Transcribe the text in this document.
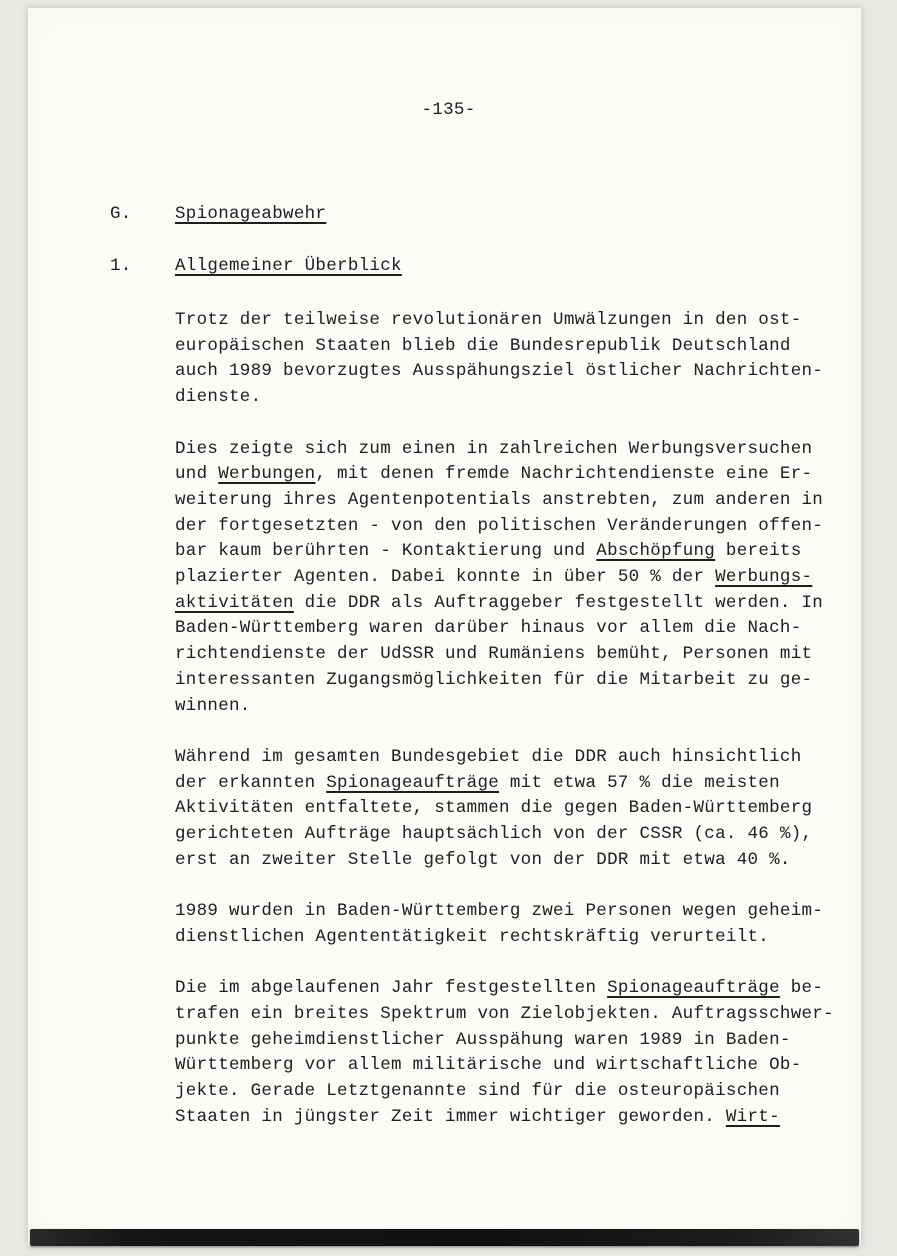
-135-
G.	Spionageabwehr
1.	Allgemeiner Überblick
Trotz der teilweise revolutionären Umwälzungen in den ost-
europäischen Staaten blieb die Bundesrepublik Deutschland
auch 1989 bevorzugtes Ausspähungsziel östlicher Nachrichten-
dienste.
Dies zeigte sich zum einen in zahlreichen Werbungsversuchen
und Werbungen, mit denen fremde Nachrichtendienste eine Er-
weiterung ihres Agentenpotentials anstrebten, zum anderen in
der fortgesetzten - von den politischen Veränderungen offen-
bar kaum berührten - Kontaktierung und Abschöpfung bereits
plazierter Agenten. Dabei konnte in über 50 % der Werbungs-
aktivitäten die DDR als Auftraggeber festgestellt werden. In
Baden-Württemberg waren darüber hinaus vor allem die Nach-
richtendienste der UdSSR und Rumäniens bemüht, Personen mit
interessanten Zugangsmöglichkeiten für die Mitarbeit zu ge-
winnen.
Während im gesamten Bundesgebiet die DDR auch hinsichtlich
der erkannten Spionageaufträge mit etwa 57 % die meisten
Aktivitäten entfaltete, stammen die gegen Baden-Württemberg
gerichteten Aufträge hauptsächlich von der CSSR (ca. 46 %),
erst an zweiter Stelle gefolgt von der DDR mit etwa 40 %.
1989 wurden in Baden-Württemberg zwei Personen wegen geheim-
dienstlichen Agententätigkeit rechtskräftig verurteilt.
Die im abgelaufenen Jahr festgestellten Spionageaufträge be-
trafen ein breites Spektrum von Zielobjekten. Auftragsschwer-
punkte geheimdienstlicher Ausspähung waren 1989 in Baden-
Württemberg vor allem militärische und wirtschaftliche Ob-
jekte. Gerade Letztgenannte sind für die osteuropäischen
Staaten in jüngster Zeit immer wichtiger geworden. Wirt-
